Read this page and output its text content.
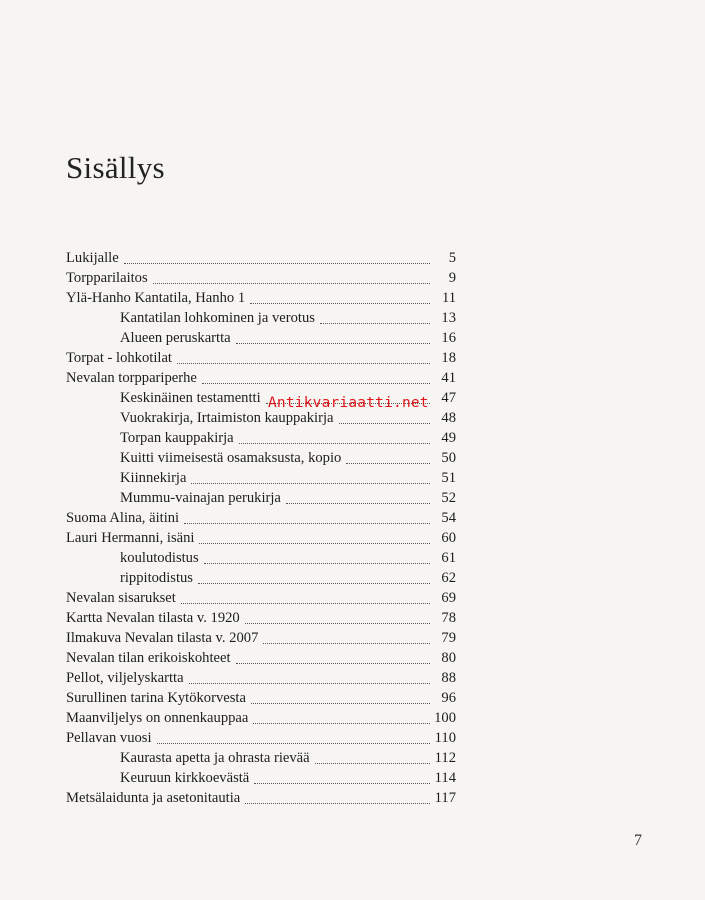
Sisällys
Lukijalle	5
Torpparilaitos	9
Ylä-Hanho Kantatila, Hanho 1	11
Kantatilan lohkominen ja verotus	13
Alueen peruskartta	16
Torpat - lohkotilat	18
Nevalan torppariperhe	41
Keskinäinen testamentti	47
Vuokrakirja, Irtaimiston kauppakirja	48
Torpan kauppakirja	49
Kuitti viimeisestä osamaksusta, kopio	50
Kiinnekirja	51
Mummu-vainajan perukirja	52
Suoma Alina, äitini	54
Lauri Hermanni, isäni	60
koulutodistus	61
rippitodistus	62
Nevalan sisarukset	69
Kartta Nevalan tilasta v. 1920	78
Ilmakuva Nevalan tilasta v. 2007	79
Nevalan tilan erikoiskohteet	80
Pellot, viljelyskartta	88
Surullinen tarina Kytökorvesta	96
Maanviljelys on onnenkauppaa	100
Pellavan vuosi	110
Kaurasta apetta ja ohrasta rievää	112
Keuruun kirkkoevästä	114
Metsälaidunta ja asetonitautia	117
Antikvariaatti.net
7
